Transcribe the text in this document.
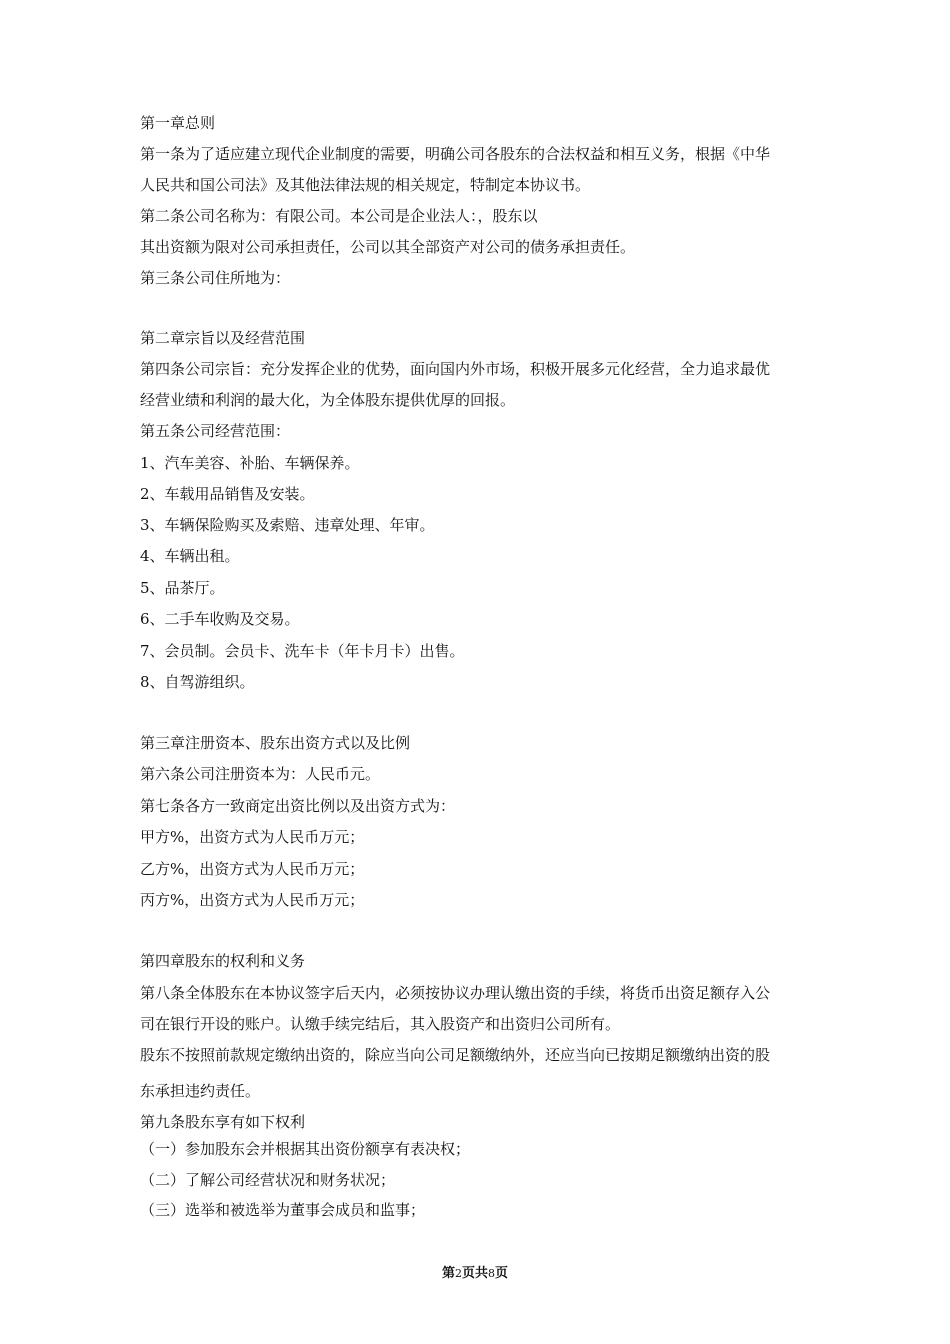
第一章总则
第一条为了适应建立现代企业制度的需要，明确公司各股东的合法权益和相互义务，根据《中华
人民共和国公司法》及其他法律法规的相关规定，特制定本协议书。
第二条公司名称为：有限公司。本公司是企业法人：，股东以
其出资额为限对公司承担责任，公司以其全部资产对公司的债务承担责任。
第三条公司住所地为：
第二章宗旨以及经营范围
第四条公司宗旨：充分发挥企业的优势，面向国内外市场，积极开展多元化经营，全力追求最优
经营业绩和利润的最大化，为全体股东提供优厚的回报。
第五条公司经营范围：
1、汽车美容、补胎、车辆保养。
2、车载用品销售及安装。
3、车辆保险购买及索赔、违章处理、年审。
4、车辆出租。
5、品茶厅。
6、二手车收购及交易。
7、会员制。会员卡、洗车卡（年卡月卡）出售。
8、自驾游组织。
第三章注册资本、股东出资方式以及比例
第六条公司注册资本为：人民币元。
第七条各方一致商定出资比例以及出资方式为：
甲方%，出资方式为人民币万元；
乙方%，出资方式为人民币万元；
丙方%，出资方式为人民币万元；
第四章股东的权利和义务
第八条全体股东在本协议签字后天内，必须按协议办理认缴出资的手续，将货币出资足额存入公
司在银行开设的账户。认缴手续完结后，其入股资产和出资归公司所有。
股东不按照前款规定缴纳出资的，除应当向公司足额缴纳外，还应当向已按期足额缴纳出资的股
东承担违约责任。
第九条股东享有如下权利
（一）参加股东会并根据其出资份额享有表决权；
（二）了解公司经营状况和财务状况；
（三）选举和被选举为董事会成员和监事；
第2页共8页
